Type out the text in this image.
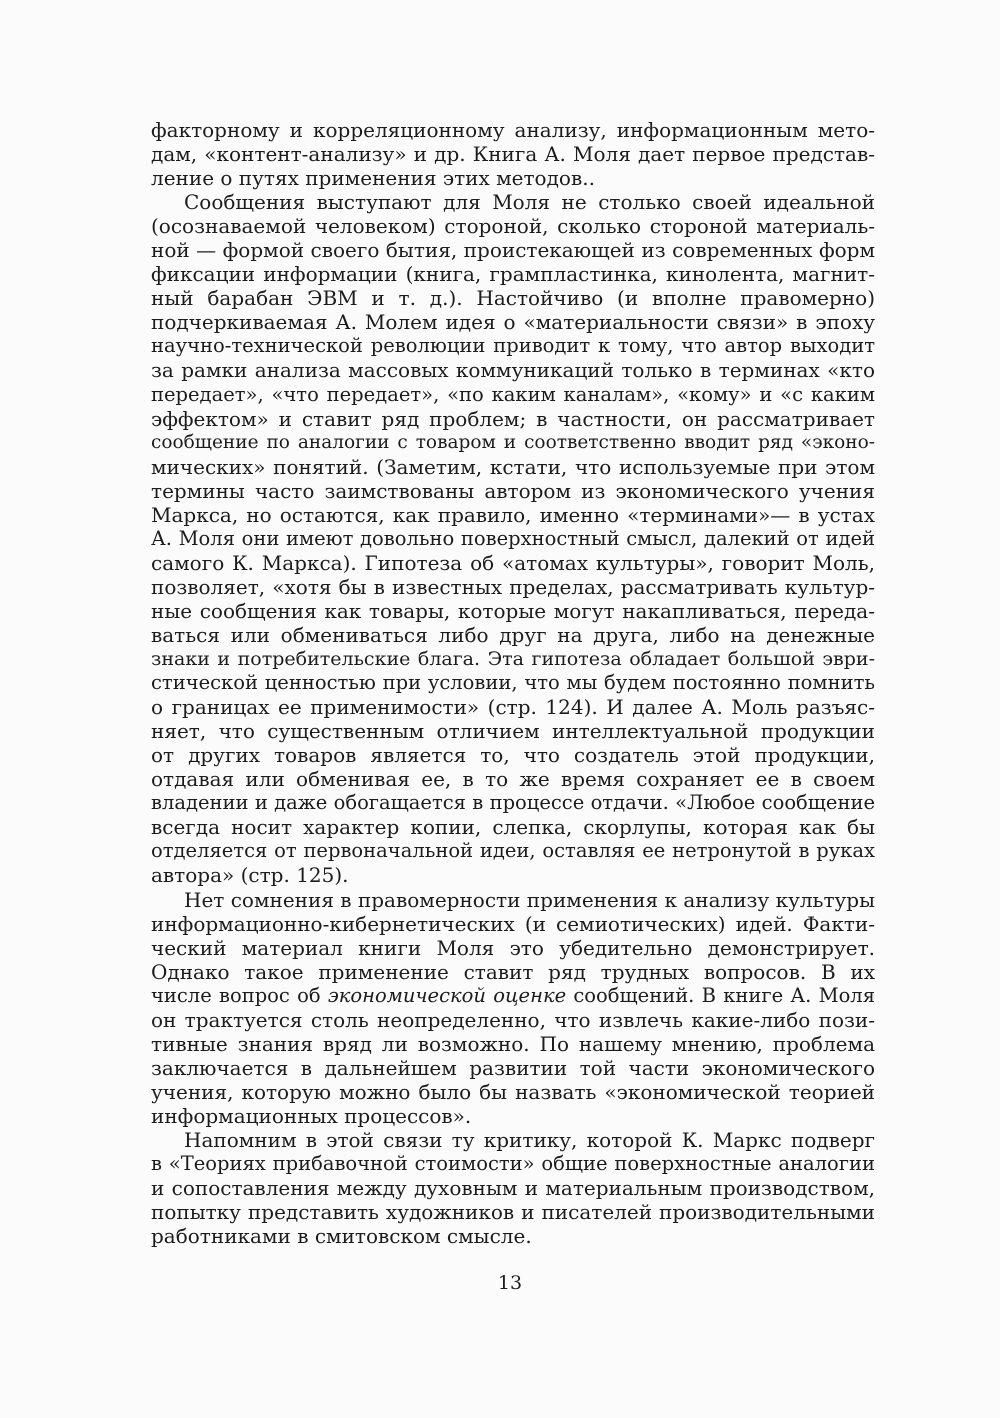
факторному и корреляционному анализу, информационным мето-
дам, «контент-анализу» и др. Книга А. Моля дает первое представ-
ление о путях применения этих методов..
Сообщения выступают для Моля не столько своей идеальной
(осознаваемой человеком) стороной, сколько стороной материаль-
ной — формой своего бытия, проистекающей из современных форм
фиксации информации (книга, грампластинка, кинолента, магнит-
ный барабан ЭВМ и т. д.). Настойчиво (и вполне правомерно)
подчеркиваемая А. Молем идея о «материальности связи» в эпоху
научно-технической революции приводит к тому, что автор выходит
за рамки анализа массовых коммуникаций только в терминах «кто
передает», «что передает», «по каким каналам», «кому» и «с каким
эффектом» и ставит ряд проблем; в частности, он рассматривает
сообщение по аналогии с товаром и соответственно вводит ряд «эконо-
мических» понятий. (Заметим, кстати, что используемые при этом
термины часто заимствованы автором из экономического учения
Маркса, но остаются, как правило, именно «терминами»— в устах
А. Моля они имеют довольно поверхностный смысл, далекий от идей
самого К. Маркса). Гипотеза об «атомах культуры», говорит Моль,
позволяет, «хотя бы в известных пределах, рассматривать культур-
ные сообщения как товары, которые могут накапливаться, переда-
ваться или обмениваться либо друг на друга, либо на денежные
знаки и потребительские блага. Эта гипотеза обладает большой эври-
стической ценностью при условии, что мы будем постоянно помнить
о границах ее применимости» (стр. 124). И далее А. Моль разъяс-
няет, что существенным отличием интеллектуальной продукции
от других товаров является то, что создатель этой продукции,
отдавая или обменивая ее, в то же время сохраняет ее в своем
владении и даже обогащается в процессе отдачи. «Любое сообщение
всегда носит характер копии, слепка, скорлупы, которая как бы
отделяется от первоначальной идеи, оставляя ее нетронутой в руках
автора» (стр. 125).
Нет сомнения в правомерности применения к анализу культуры
информационно-кибернетических (и семиотических) идей. Факти-
ческий материал книги Моля это убедительно демонстрирует.
Однако такое применение ставит ряд трудных вопросов. В их
числе вопрос об экономической оценке сообщений. В книге А. Моля
он трактуется столь неопределенно, что извлечь какие-либо пози-
тивные знания вряд ли возможно. По нашему мнению, проблема
заключается в дальнейшем развитии той части экономического
учения, которую можно было бы назвать «экономической теорией
информационных процессов».
Напомним в этой связи ту критику, которой К. Маркс подверг
в «Теориях прибавочной стоимости» общие поверхностные аналогии
и сопоставления между духовным и материальным производством,
попытку представить художников и писателей производительными
работниками в смитовском смысле.
13
